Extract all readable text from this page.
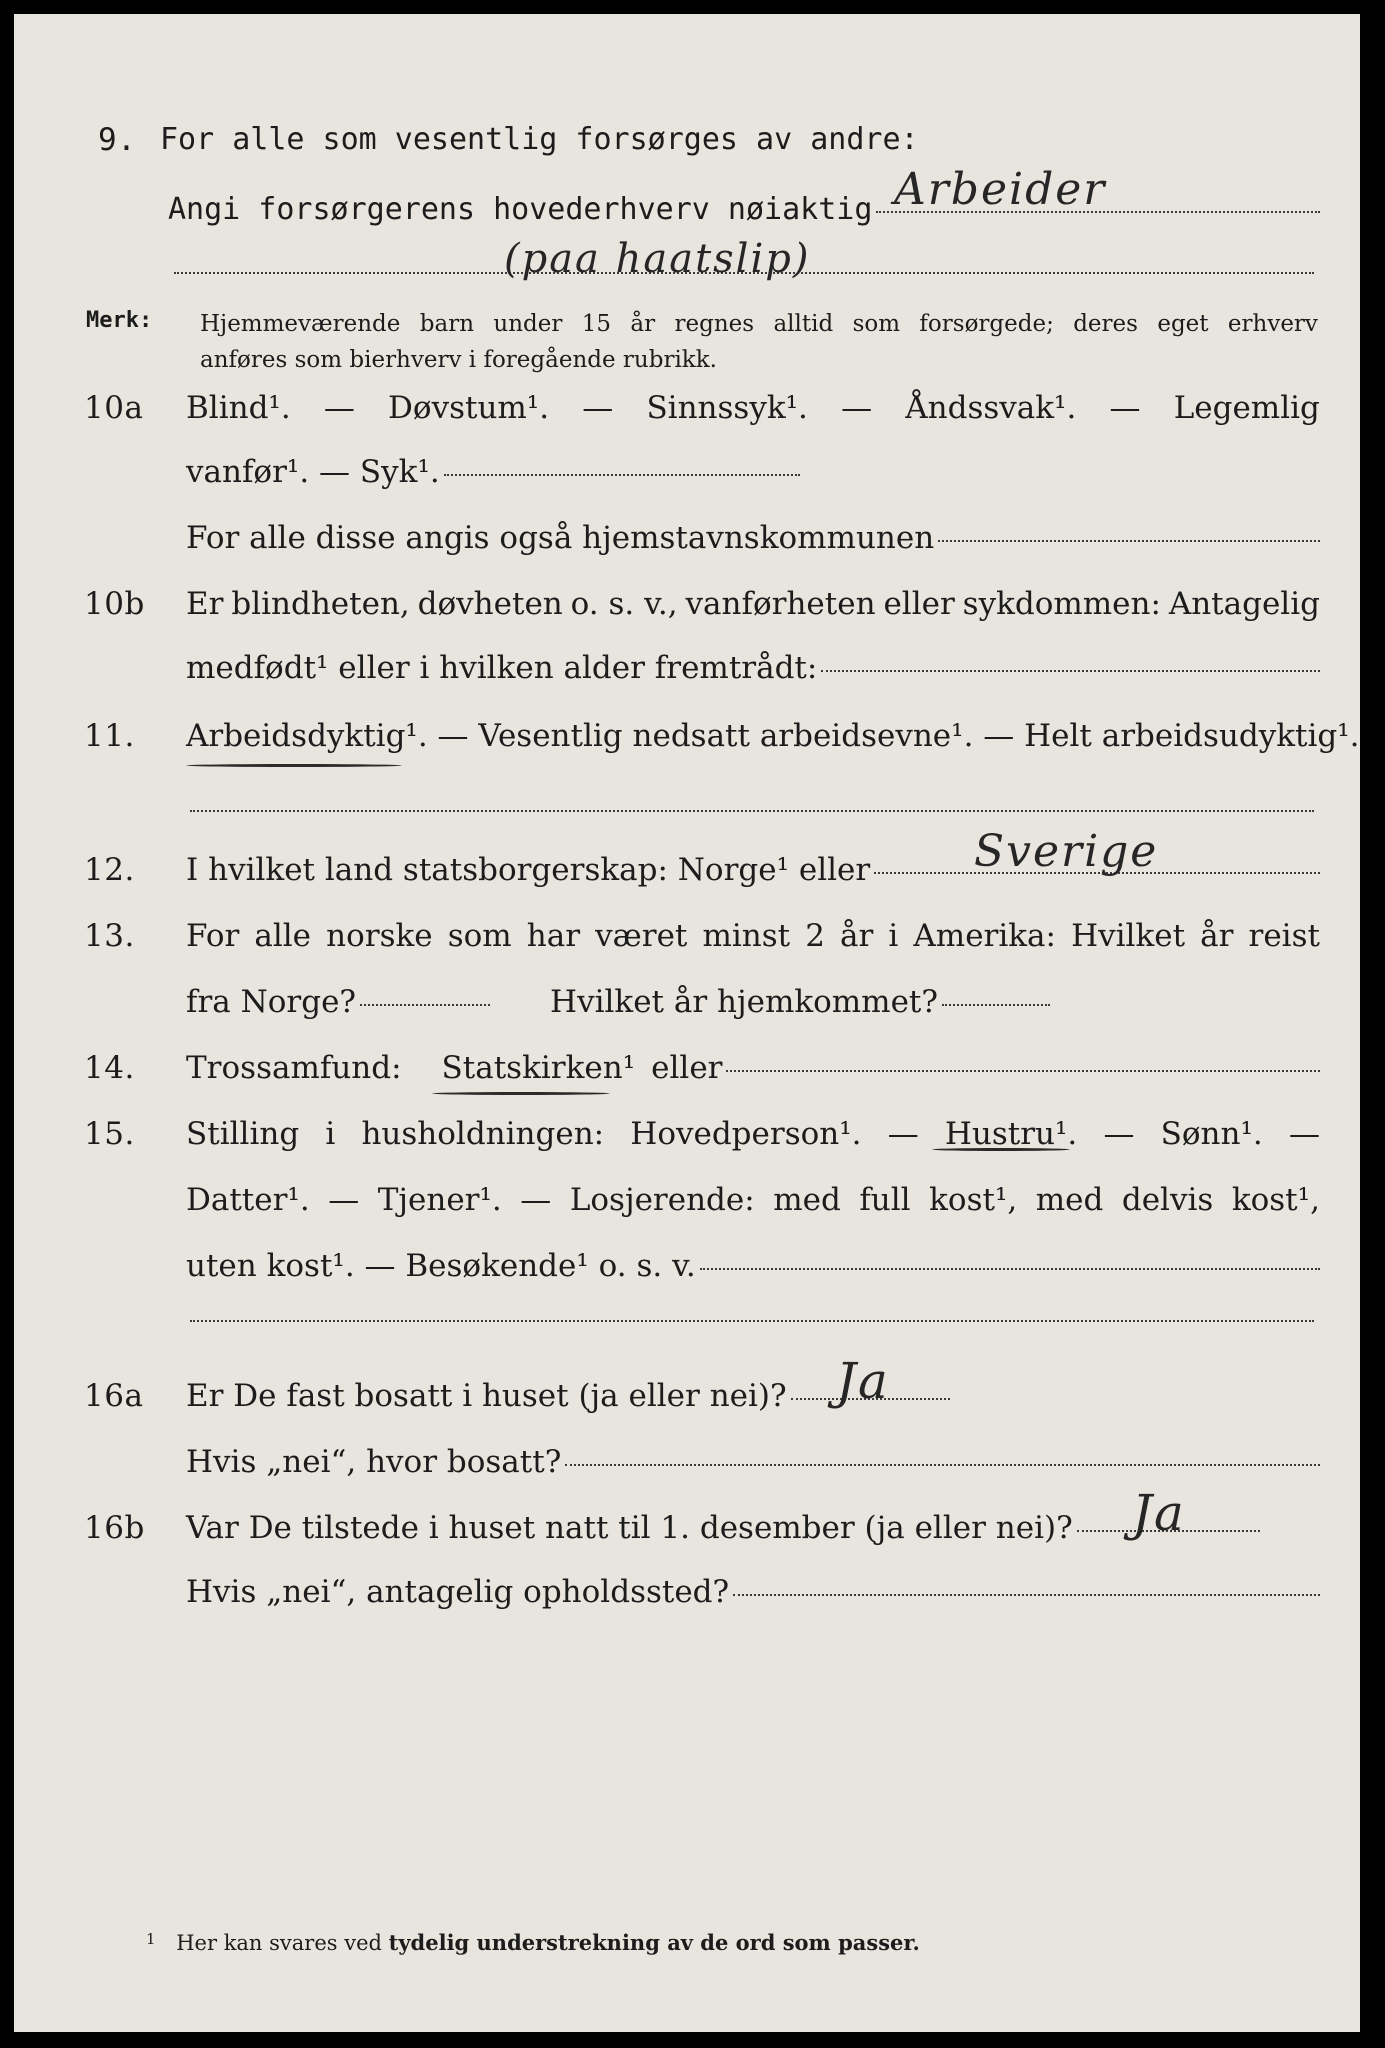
9. For alle som vesentlig forsørges av andre:
Angi forsørgerens hovederhverv nøiaktig Arbeider
(paa haatslip)
Merk: Hjemmeværende barn under 15 år regnes alltid som forsørgede; deres eget erhverv
anføres som bierhverv i foregående rubrikk.
10a Blind¹. — Døvstum¹. — Sinnssyk¹. — Åndssvak¹. — Legemlig
vanfør¹. — Syk¹.
For alle disse angis også hjemstavnskommunen
10b Er blindheten, døvheten o. s. v., vanførheten eller sykdommen: Antagelig
medfødt¹ eller i hvilken alder fremtrådt:
11. Arbeidsdyktig¹. — Vesentlig nedsatt arbeidsevne¹. — Helt arbeidsudyktig¹.
12. I hvilket land statsborgerskap: Norge¹ eller Sverige
13. For alle norske som har været minst 2 år i Amerika: Hvilket år reist
fra Norge?	Hvilket år hjemkommet?
14. Trossamfund: Statskirken¹ eller
15. Stilling i husholdningen: Hovedperson¹. — Hustru¹. — Sønn¹. —
Datter¹. — Tjener¹. — Losjerende: med full kost¹, med delvis kost¹,
uten kost¹. — Besøkende¹ o. s. v.
16a Er De fast bosatt i huset (ja eller nei)? Ja
Hvis „nei“, hvor bosatt?
16b Var De tilstede i huset natt til 1. desember (ja eller nei)? Ja
Hvis „nei“, antagelig opholdssted?
$^1$ Her kan svares ved tydelig understrekning av de ord som passer.
